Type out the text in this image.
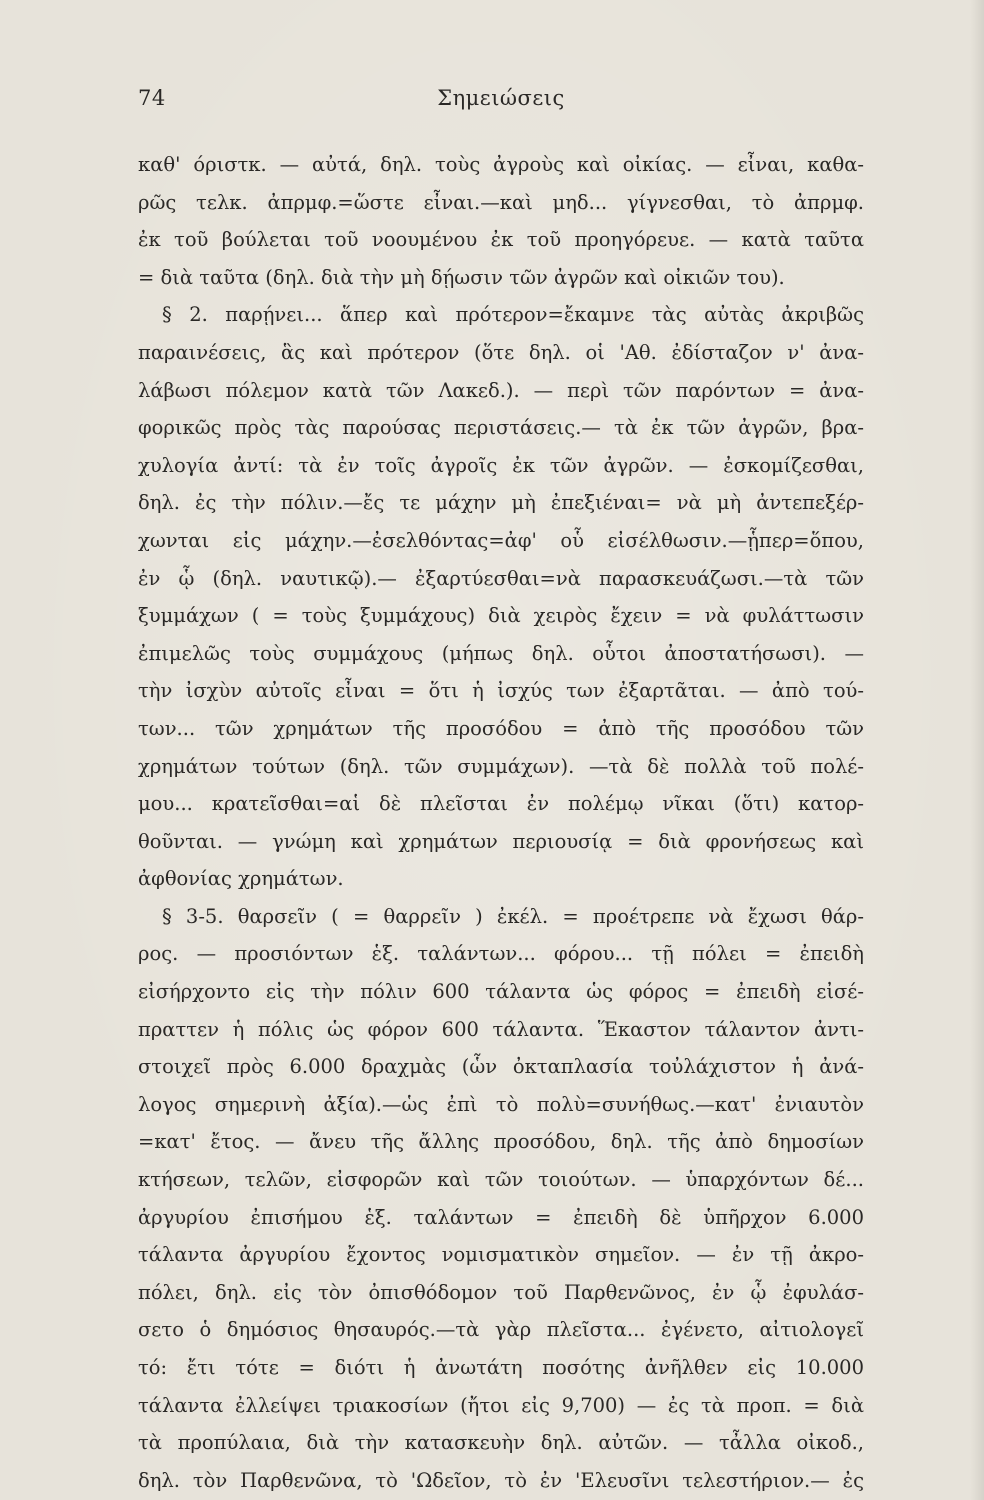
74	Σημειώσεις
καθ' όριστκ. — αὐτά, δηλ. τοὺς ἀγροὺς καὶ οἰκίας. — εἶναι, καθα-
ρῶς τελκ. ἀπρμφ.=ὥστε εἶναι.—καὶ μηδ... γίγνεσθαι, τὸ ἀπρμφ.
ἐκ τοῦ βούλεται τοῦ νοουμένου ἐκ τοῦ προηγόρευε. — κατὰ ταῦτα
= διὰ ταῦτα (δηλ. διὰ τὴν μὴ δῄωσιν τῶν ἀγρῶν καὶ οἰκιῶν του).
§ 2. παρῄνει... ἅπερ καὶ πρότερον=ἔκαμνε τὰς αὐτὰς ἀκριβῶς
παραινέσεις, ἃς καὶ πρότερον (ὅτε δηλ. οἱ 'Αθ. ἐδίσταζον ν' ἀνα-
λάβωσι πόλεμον κατὰ τῶν Λακεδ.). — περὶ τῶν παρόντων = ἀνα-
φορικῶς πρὸς τὰς παρούσας περιστάσεις.— τὰ ἐκ τῶν ἀγρῶν, βρα-
χυλογία ἀντί: τὰ ἐν τοῖς ἀγροῖς ἐκ τῶν ἀγρῶν. — ἐσκομίζεσθαι,
δηλ. ἐς τὴν πόλιν.—ἔς τε μάχην μὴ ἐπεξιέναι= νὰ μὴ ἀντεπεξέρ-
χωνται εἰς μάχην.—ἐσελθόντας=ἀφ' οὗ εἰσέλθωσιν.—ᾗπερ=ὅπου,
ἐν ᾧ (δηλ. ναυτικῷ).— ἐξαρτύεσθαι=νὰ παρασκευάζωσι.—τὰ τῶν
ξυμμάχων ( = τοὺς ξυμμάχους) διὰ χειρὸς ἔχειν = νὰ φυλάττωσιν
ἐπιμελῶς τοὺς συμμάχους (μήπως δηλ. οὗτοι ἀποστατήσωσι). —
τὴν ἰσχὺν αὐτοῖς εἶναι = ὅτι ἡ ἰσχύς των ἐξαρτᾶται. — ἀπὸ τού-
των... τῶν χρημάτων τῆς προσόδου = ἀπὸ τῆς προσόδου τῶν
χρημάτων τούτων (δηλ. τῶν συμμάχων). —τὰ δὲ πολλὰ τοῦ πολέ-
μου... κρατεῖσθαι=αἱ δὲ πλεῖσται ἐν πολέμῳ νῖκαι (ὅτι) κατορ-
θοῦνται. — γνώμη καὶ χρημάτων περιουσίᾳ = διὰ φρονήσεως καὶ
ἀφθονίας χρημάτων.
§ 3-5. θαρσεῖν ( = θαρρεῖν ) ἐκέλ. = προέτρεπε νὰ ἔχωσι θάρ-
ρος. — προσιόντων ἑξ. ταλάντων... φόρου... τῇ πόλει = ἐπειδὴ
εἰσήρχοντο εἰς τὴν πόλιν 600 τάλαντα ὡς φόρος = ἐπειδὴ εἰσέ-
πραττεν ἡ πόλις ὡς φόρον 600 τάλαντα. Ἕκαστον τάλαντον ἀντι-
στοιχεῖ πρὸς 6.000 δραχμὰς (ὧν ὀκταπλασία τοὐλάχιστον ἡ ἀνά-
λογος σημερινὴ ἀξία).—ὡς ἐπὶ τὸ πολὺ=συνήθως.—κατ' ἐνιαυτὸν
=κατ' ἔτος. — ἄνευ τῆς ἄλλης προσόδου, δηλ. τῆς ἀπὸ δημοσίων
κτήσεων, τελῶν, εἰσφορῶν καὶ τῶν τοιούτων. — ὑπαρχόντων δέ...
ἀργυρίου ἐπισήμου ἑξ. ταλάντων = ἐπειδὴ δὲ ὑπῆρχον 6.000
τάλαντα ἀργυρίου ἔχοντος νομισματικὸν σημεῖον. — ἐν τῇ ἀκρο-
πόλει, δηλ. εἰς τὸν ὀπισθόδομον τοῦ Παρθενῶνος, ἐν ᾧ ἐφυλάσ-
σετο ὁ δημόσιος θησαυρός.—τὰ γὰρ πλεῖστα... ἐγένετο, αἰτιολογεῖ
τό: ἔτι τότε = διότι ἡ ἀνωτάτη ποσότης ἀνῆλθεν εἰς 10.000
τάλαντα ἐλλείψει τριακοσίων (ἤτοι εἰς 9,700) — ἐς τὰ προπ. = διὰ
τὰ προπύλαια, διὰ τὴν κατασκευὴν δηλ. αὐτῶν. — τἆλλα οἰκοδ.,
δηλ. τὸν Παρθενῶνα, τὸ 'Ωδεῖον, τὸ ἐν 'Ελευσῖνι τελεστήριον.— ἐς
